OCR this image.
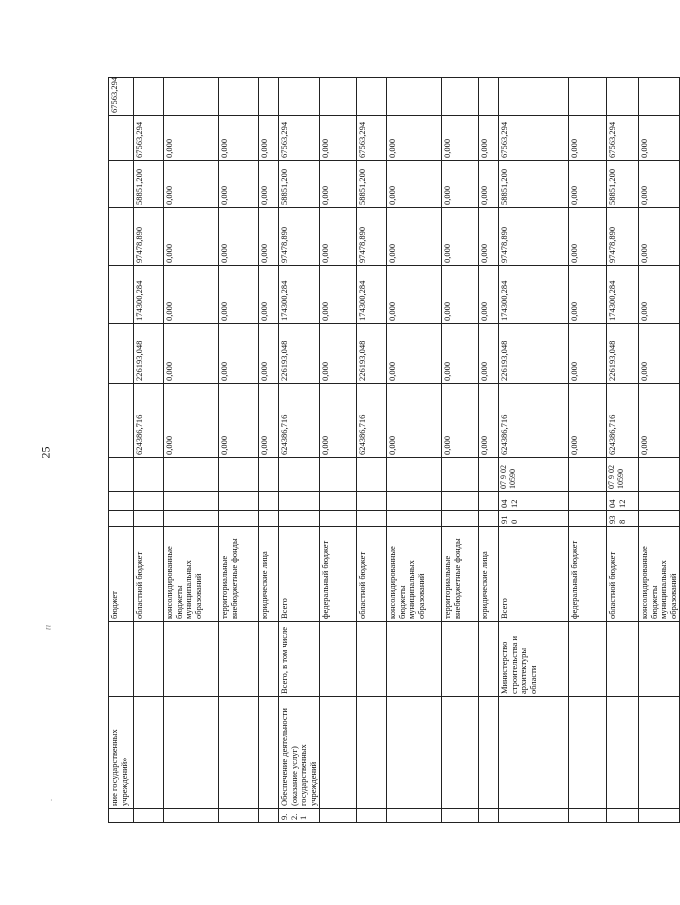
25
ⴖ
.
		ние государственных учреждений»		бюджет										67563,294
			областной бюджет				624386,716	226193,048	174300,284	97478,890	58851,200	67563,294	
			консолидированные бюджеты муниципальных образований				0,000	0,000	0,000	0,000	0,000	0,000	
			территориальные внебюджетные фонды				0,000	0,000	0,000	0,000	0,000	0,000	
			юридические лица				0,000	0,000	0,000	0,000	0,000	0,000	
9.2.1	Обеспечение деятельности (оказание услуг) государственных учреждений	Всего, в том числе	Всего				624386,716	226193,048	174300,284	97478,890	58851,200	67563,294	
			федеральный бюджет				0,000	0,000	0,000	0,000	0,000	0,000	
			областной бюджет				624386,716	226193,048	174300,284	97478,890	58851,200	67563,294	
			консолидированные бюджеты муниципальных образований				0,000	0,000	0,000	0,000	0,000	0,000	
			территориальные внебюджетные фонды				0,000	0,000	0,000	0,000	0,000	0,000	
			юридические лица				0,000	0,000	0,000	0,000	0,000	0,000	
		Министерство строительства и архитектуры области	Всего	910	04 12	07 9 02 10590	624386,716	226193,048	174300,284	97478,890	58851,200	67563,294	
			федеральный бюджет				0,000	0,000	0,000	0,000	0,000	0,000	
			областной бюджет	938	04 12	07 9 02 10590	624386,716	226193,048	174300,284	97478,890	58851,200	67563,294	
			консолидированные бюджеты муниципальных образований				0,000	0,000	0,000	0,000	0,000	0,000	
